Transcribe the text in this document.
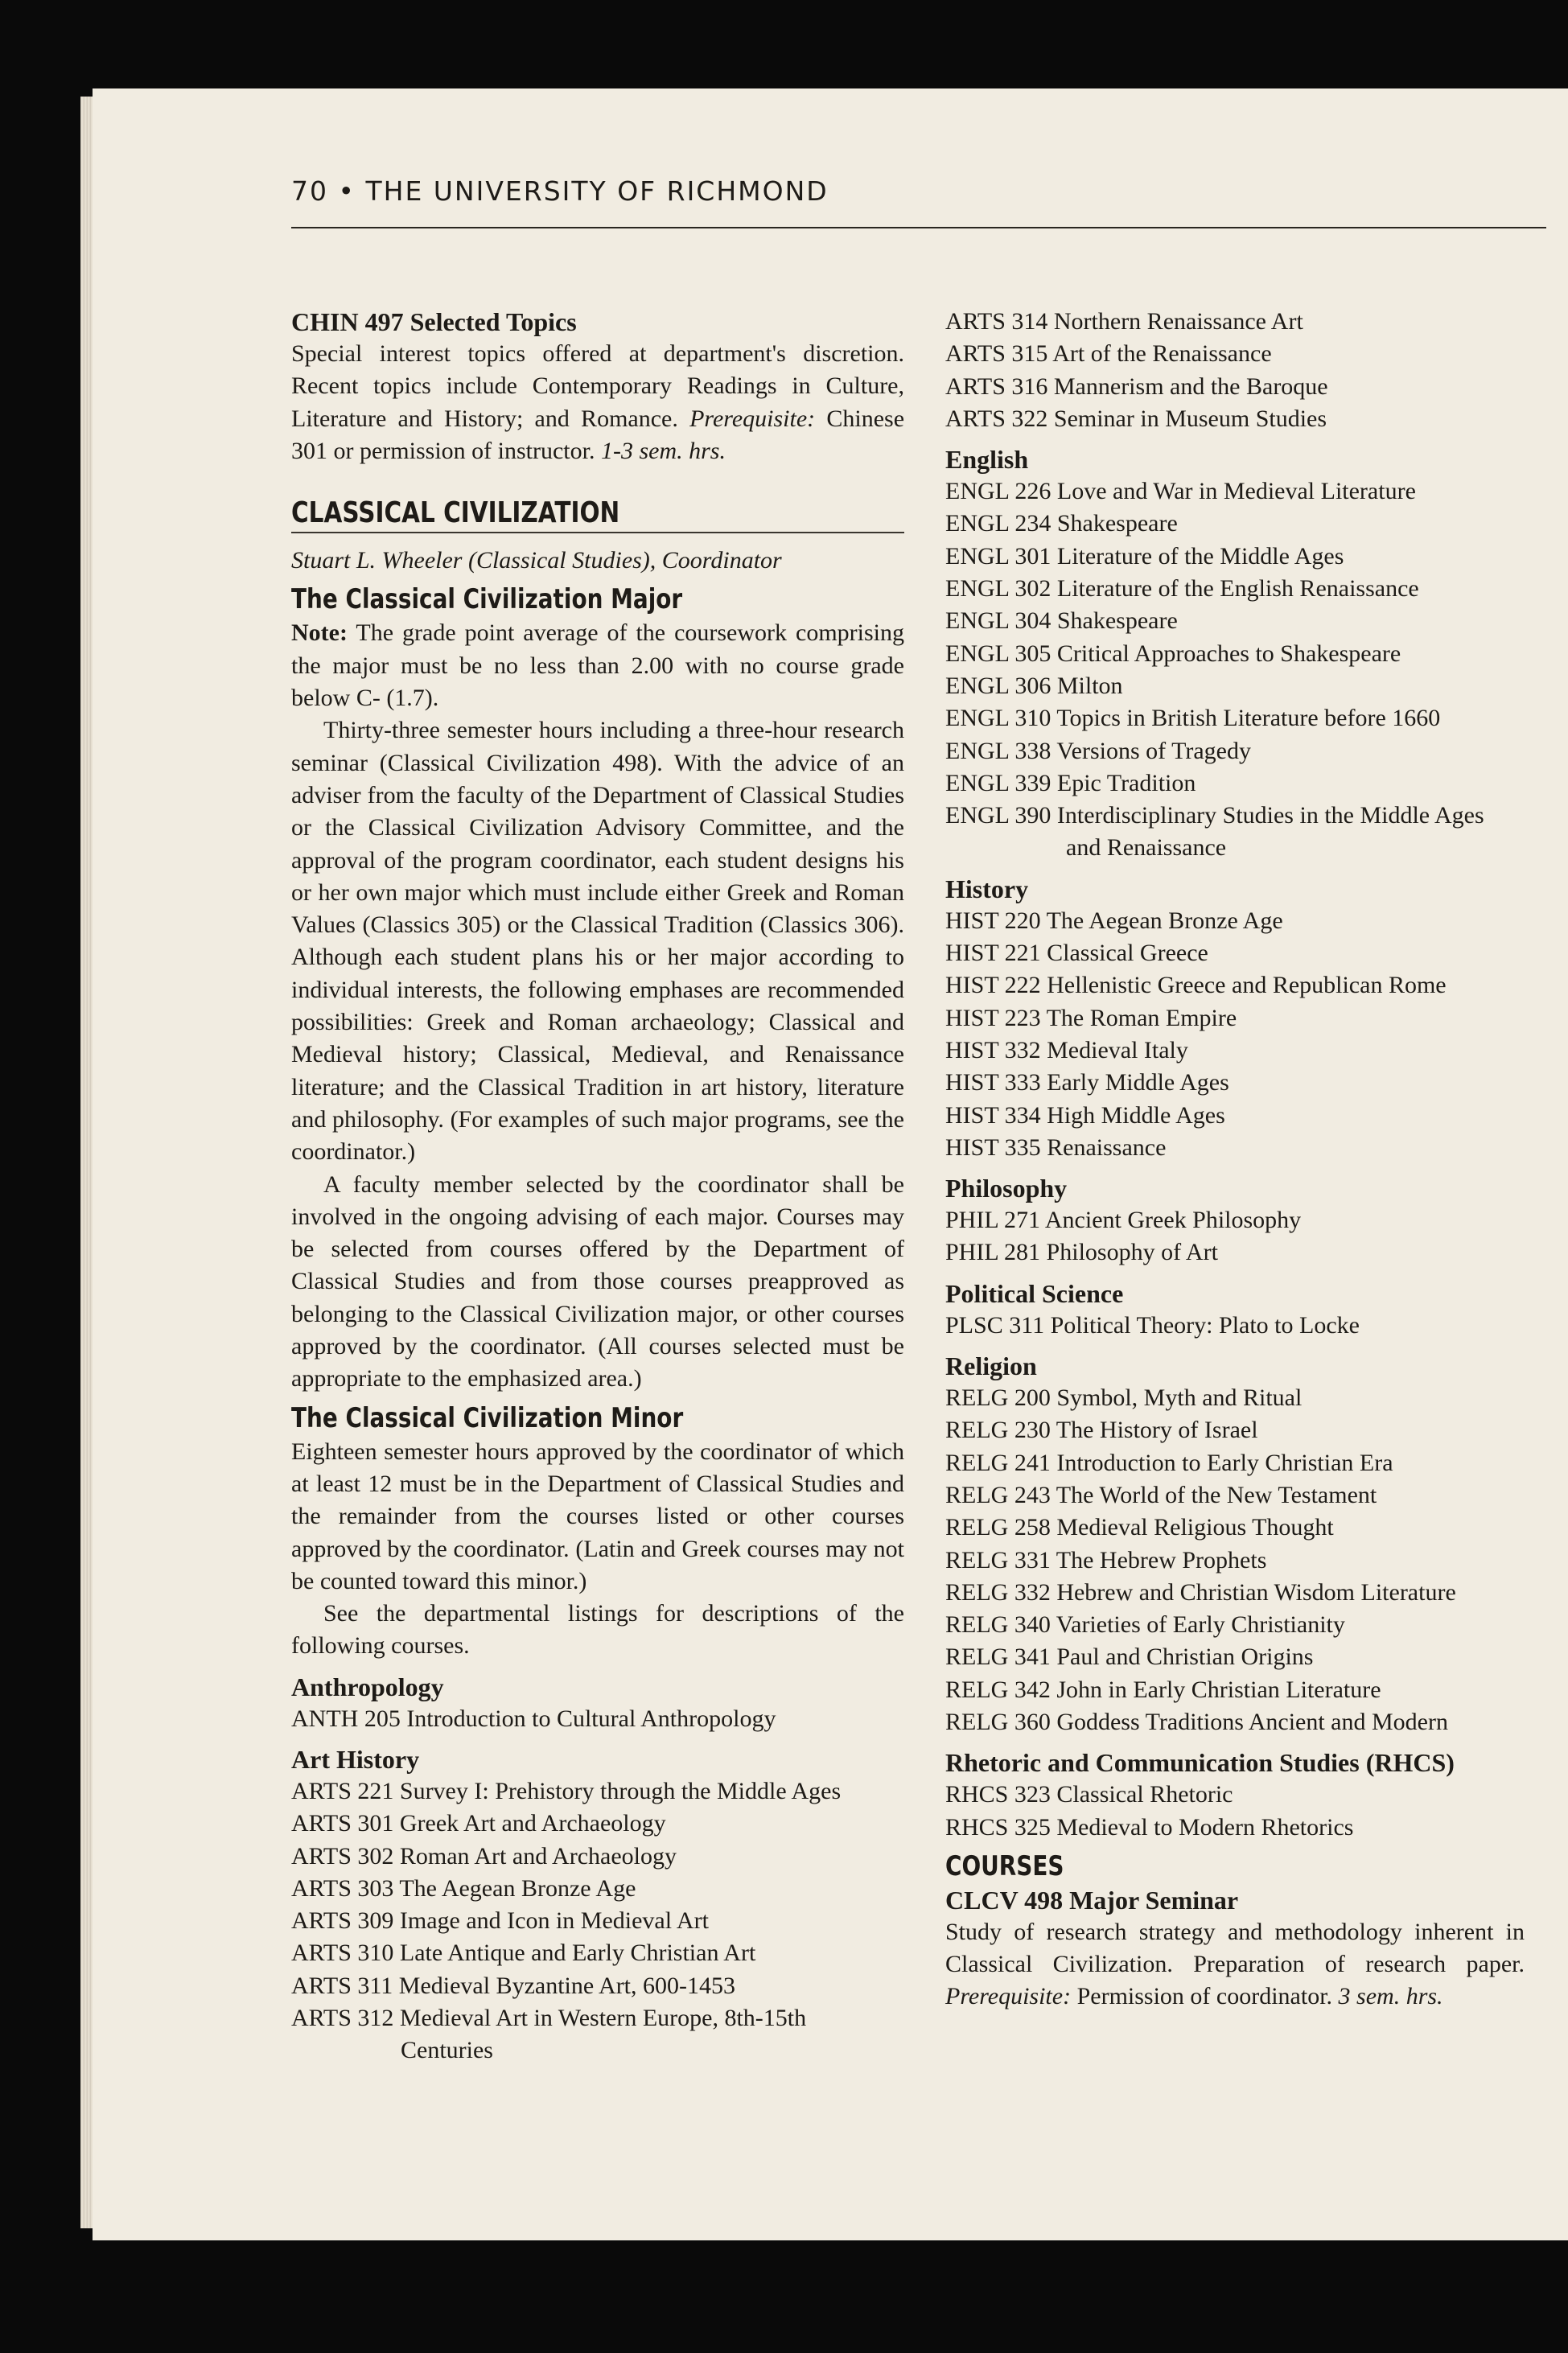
70 • THE UNIVERSITY OF RICHMOND
CHIN 497 Selected Topics
Special interest topics offered at department's discretion. Recent topics include Contemporary Readings in Culture, Literature and History; and Romance. Prerequisite: Chinese 301 or permission of instructor. 1-3 sem. hrs.
CLASSICAL CIVILIZATION
Stuart L. Wheeler (Classical Studies), Coordinator
The Classical Civilization Major
Note: The grade point average of the coursework comprising the major must be no less than 2.00 with no course grade below C- (1.7).
Thirty-three semester hours including a three-hour research seminar (Classical Civilization 498). With the advice of an adviser from the faculty of the Department of Classical Studies or the Classical Civilization Advisory Committee, and the approval of the program coordinator, each student designs his or her own major which must include either Greek and Roman Values (Classics 305) or the Classical Tradition (Classics 306). Although each student plans his or her major according to individual interests, the following emphases are recommended possibilities: Greek and Roman archaeology; Classical and Medieval history; Classical, Medieval, and Renaissance literature; and the Classical Tradition in art history, literature and philosophy. (For examples of such major programs, see the coordinator.)
A faculty member selected by the coordinator shall be involved in the ongoing advising of each major. Courses may be selected from courses offered by the Department of Classical Studies and from those courses preapproved as belonging to the Classical Civilization major, or other courses approved by the coordinator. (All courses selected must be appropriate to the emphasized area.)
The Classical Civilization Minor
Eighteen semester hours approved by the coordinator of which at least 12 must be in the Department of Classical Studies and the remainder from the courses listed or other courses approved by the coordinator. (Latin and Greek courses may not be counted toward this minor.)
See the departmental listings for descriptions of the following courses.
Anthropology
ANTH 205 Introduction to Cultural Anthropology
Art History
ARTS 221 Survey I: Prehistory through the Middle Ages
ARTS 301 Greek Art and Archaeology
ARTS 302 Roman Art and Archaeology
ARTS 303 The Aegean Bronze Age
ARTS 309 Image and Icon in Medieval Art
ARTS 310 Late Antique and Early Christian Art
ARTS 311 Medieval Byzantine Art, 600-1453
ARTS 312 Medieval Art in Western Europe, 8th-15th Centuries
ARTS 314 Northern Renaissance Art
ARTS 315 Art of the Renaissance
ARTS 316 Mannerism and the Baroque
ARTS 322 Seminar in Museum Studies
English
ENGL 226 Love and War in Medieval Literature
ENGL 234 Shakespeare
ENGL 301 Literature of the Middle Ages
ENGL 302 Literature of the English Renaissance
ENGL 304 Shakespeare
ENGL 305 Critical Approaches to Shakespeare
ENGL 306 Milton
ENGL 310 Topics in British Literature before 1660
ENGL 338 Versions of Tragedy
ENGL 339 Epic Tradition
ENGL 390 Interdisciplinary Studies in the Middle Ages and Renaissance
History
HIST 220 The Aegean Bronze Age
HIST 221 Classical Greece
HIST 222 Hellenistic Greece and Republican Rome
HIST 223 The Roman Empire
HIST 332 Medieval Italy
HIST 333 Early Middle Ages
HIST 334 High Middle Ages
HIST 335 Renaissance
Philosophy
PHIL 271 Ancient Greek Philosophy
PHIL 281 Philosophy of Art
Political Science
PLSC 311 Political Theory: Plato to Locke
Religion
RELG 200 Symbol, Myth and Ritual
RELG 230 The History of Israel
RELG 241 Introduction to Early Christian Era
RELG 243 The World of the New Testament
RELG 258 Medieval Religious Thought
RELG 331 The Hebrew Prophets
RELG 332 Hebrew and Christian Wisdom Literature
RELG 340 Varieties of Early Christianity
RELG 341 Paul and Christian Origins
RELG 342 John in Early Christian Literature
RELG 360 Goddess Traditions Ancient and Modern
Rhetoric and Communication Studies (RHCS)
RHCS 323 Classical Rhetoric
RHCS 325 Medieval to Modern Rhetorics
COURSES
CLCV 498 Major Seminar
Study of research strategy and methodology inherent in Classical Civilization. Preparation of research paper. Prerequisite: Permission of coordinator. 3 sem. hrs.
